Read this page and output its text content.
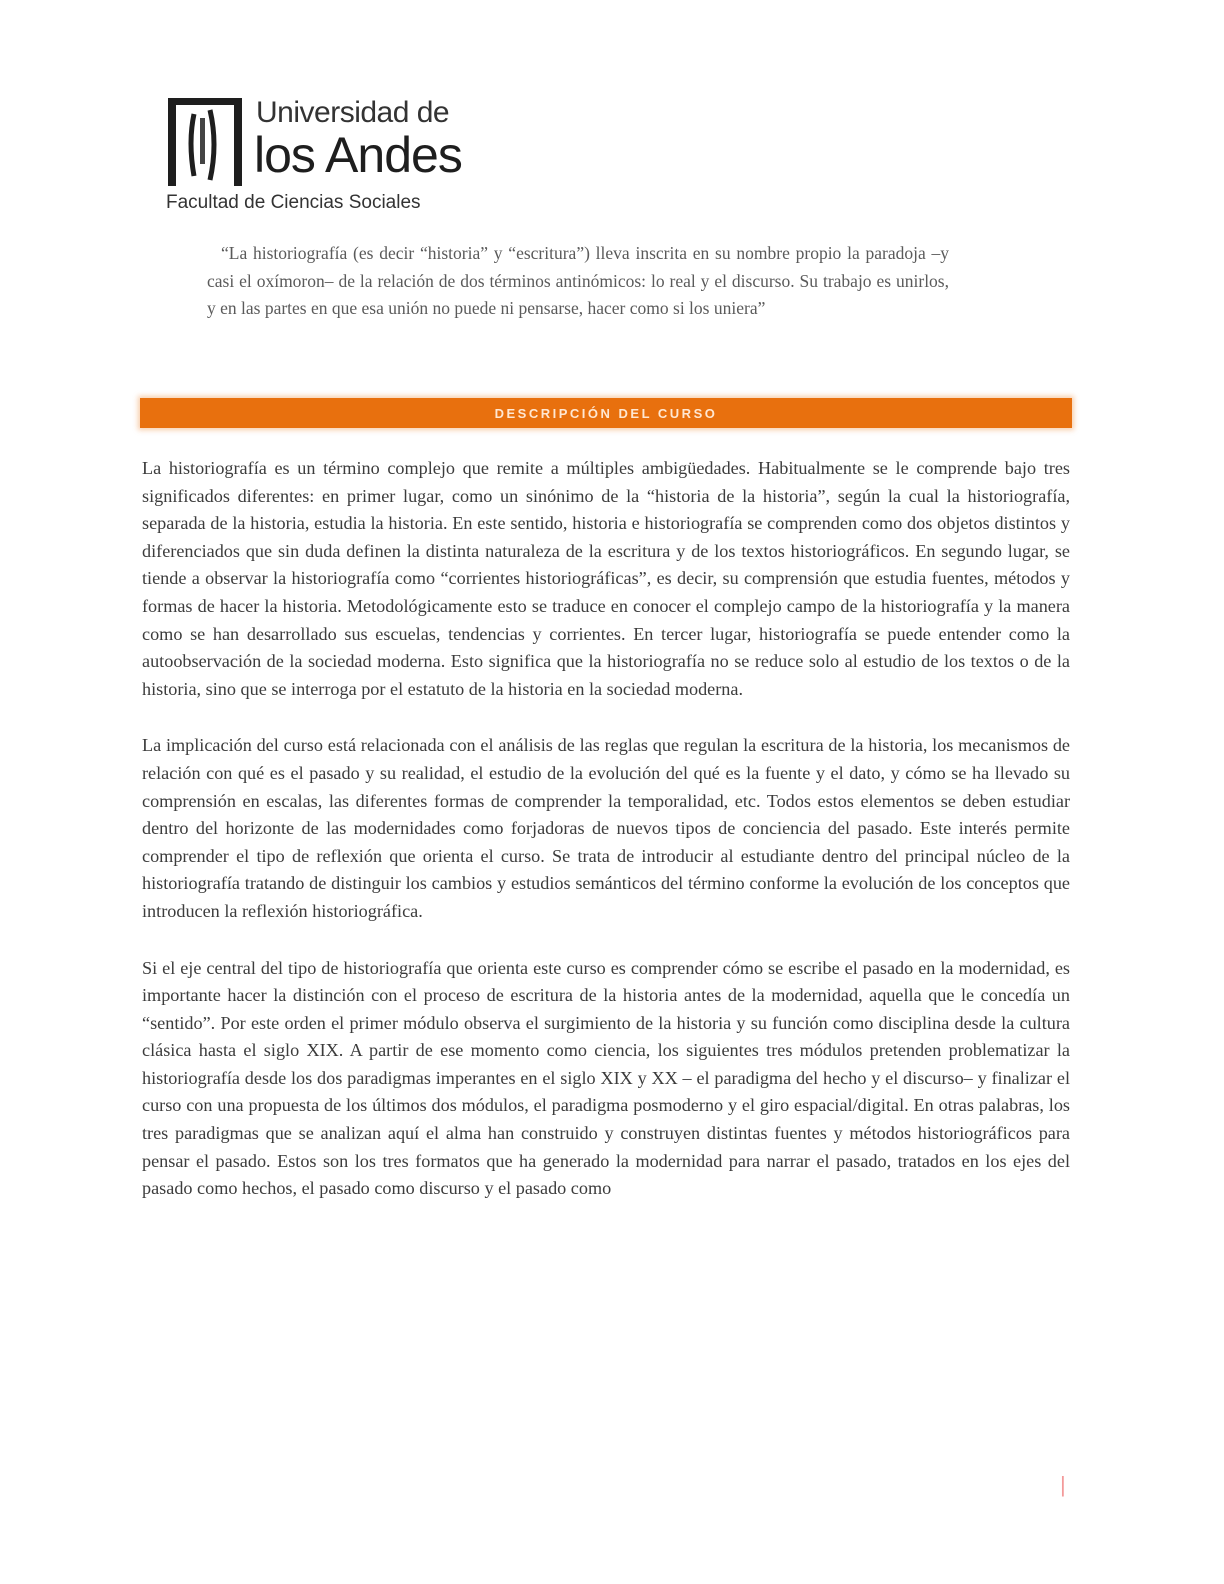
Universidad de
los Andes
Facultad de Ciencias Sociales
“La historiografía (es decir “historia” y “escritura”) lleva inscrita en su nombre propio la paradoja –y casi el oxímoron– de la relación de dos términos antinómicos: lo real y el discurso. Su trabajo es unirlos, y en las partes en que esa unión no puede ni pensarse, hacer como si los uniera”
DESCRIPCIÓN DEL CURSO

La historiografía es un término complejo que remite a múltiples ambigüedades. Habitualmente se le comprende bajo tres significados diferentes: en primer lugar, como un sinónimo de la “historia de la historia”, según la cual la historiografía, separada de la historia, estudia la historia. En este sentido, historia e historiografía se comprenden como dos objetos distintos y diferenciados que sin duda definen la distinta naturaleza de la escritura y de los textos historiográficos. En segundo lugar, se tiende a observar la historiografía como “corrientes historiográficas”, es decir, su comprensión que estudia fuentes, métodos y formas de hacer la historia. Metodológicamente esto se traduce en conocer el complejo campo de la historiografía y la manera como se han desarrollado sus escuelas, tendencias y corrientes. En tercer lugar, historiografía se puede entender como la autoobservación de la sociedad moderna. Esto significa que la historiografía no se reduce solo al estudio de los textos o de la historia, sino que se interroga por el estatuto de la historia en la sociedad moderna.

La implicación del curso está relacionada con el análisis de las reglas que regulan la escritura de la historia, los mecanismos de relación con qué es el pasado y su realidad, el estudio de la evolución del qué es la fuente y el dato, y cómo se ha llevado su comprensión en escalas, las diferentes formas de comprender la temporalidad, etc. Todos estos elementos se deben estudiar dentro del horizonte de las modernidades como forjadoras de nuevos tipos de conciencia del pasado. Este interés permite comprender el tipo de reflexión que orienta el curso. Se trata de introducir al estudiante dentro del principal núcleo de la historiografía tratando de distinguir los cambios y estudios semánticos del término conforme la evolución de los conceptos que introducen la reflexión historiográfica.

Si el eje central del tipo de historiografía que orienta este curso es comprender cómo se escribe el pasado en la modernidad, es importante hacer la distinción con el proceso de escritura de la historia antes de la modernidad, aquella que le concedía un “sentido”. Por este orden el primer módulo observa el surgimiento de la historia y su función como disciplina desde la cultura clásica hasta el siglo XIX. A partir de ese momento como ciencia, los siguientes tres módulos pretenden problematizar la historiografía desde los dos paradigmas imperantes en el siglo XIX y XX – el paradigma del hecho y el discurso– y finalizar el curso con una propuesta de los últimos dos módulos, el paradigma posmoderno y el giro espacial/digital. En otras palabras, los tres paradigmas que se analizan aquí el alma han construido y construyen distintas fuentes y métodos historiográficos para pensar el pasado. Estos son los tres formatos que ha generado la modernidad para narrar el pasado, tratados en los ejes del pasado como hechos, el pasado como discurso y el pasado como

|
